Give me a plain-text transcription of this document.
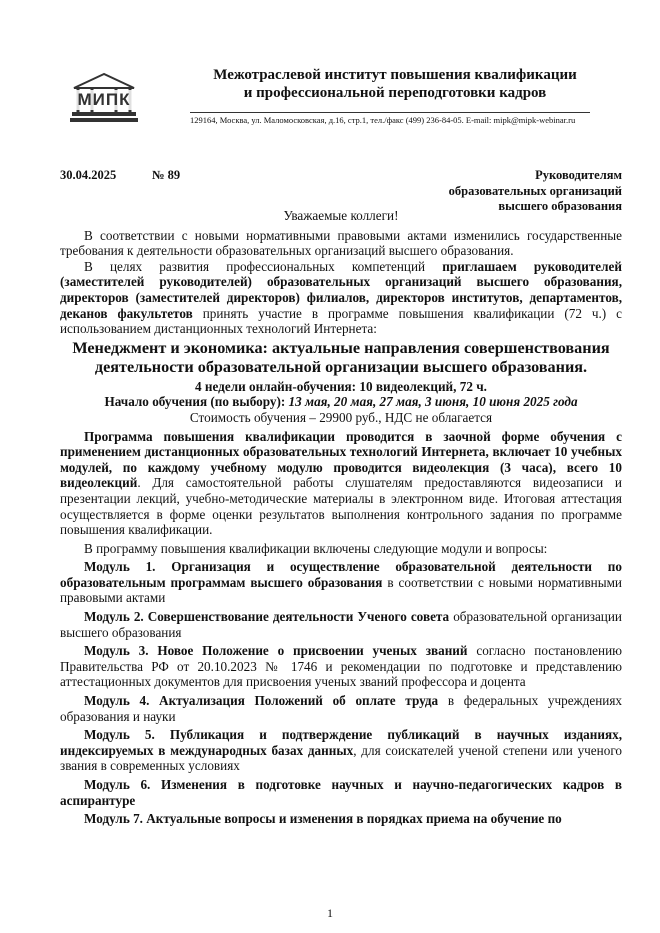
МИПК
Межотраслевой институт повышения квалификации
и профессиональной переподготовки кадров
129164, Москва, ул. Маломосковская, д.16, стр.1, тел./факс (499) 236-84-05. E-mail: mipk@mipk-webinar.ru
30.04.2025	№ 89	Руководителям
образовательных организаций
высшего образования

Уважаемые коллеги!

В соответствии с новыми нормативными правовыми актами изменились государственные требования к деятельности образовательных организаций высшего образования.

В целях развития профессиональных компетенций приглашаем руководителей (заместителей руководителей) образовательных организаций высшего образования, директоров (заместителей директоров) филиалов, директоров институтов, департаментов, деканов факультетов принять участие в программе повышения квалификации (72 ч.) с использованием дистанционных технологий Интернета:

Менеджмент и экономика: актуальные направления совершенствования деятельности образовательной организации высшего образования.

4 недели онлайн-обучения: 10 видеолекций, 72 ч.

Начало обучения (по выбору): 13 мая, 20 мая, 27 мая, 3 июня, 10 июня 2025 года

Стоимость обучения – 29900 руб., НДС не облагается

Программа повышения квалификации проводится в заочной форме обучения с применением дистанционных образовательных технологий Интернета, включает 10 учебных модулей, по каждому учебному модулю проводится видеолекция (3 часа), всего 10 видеолекций. Для самостоятельной работы слушателям предоставляются видеозаписи и презентации лекций, учебно-методические материалы в электронном виде. Итоговая аттестация осуществляется в форме оценки результатов выполнения контрольного задания по программе повышения квалификации.

В программу повышения квалификации включены следующие модули и вопросы:

Модуль 1. Организация и осуществление образовательной деятельности по образовательным программам высшего образования в соответствии с новыми нормативными правовыми актами

Модуль 2. Совершенствование деятельности Ученого совета образовательной организации высшего образования

Модуль 3. Новое Положение о присвоении ученых званий согласно постановлению Правительства РФ от 20.10.2023 № 1746 и рекомендации по подготовке и представлению аттестационных документов для присвоения ученых званий профессора и доцента

Модуль 4. Актуализация Положений об оплате труда в федеральных учреждениях образования и науки

Модуль 5. Публикация и подтверждение публикаций в научных изданиях, индексируемых в международных базах данных, для соискателей ученой степени или ученого звания в современных условиях

Модуль 6. Изменения в подготовке научных и научно-педагогических кадров в аспирантуре

Модуль 7. Актуальные вопросы и изменения в порядках приема на обучение по

1
